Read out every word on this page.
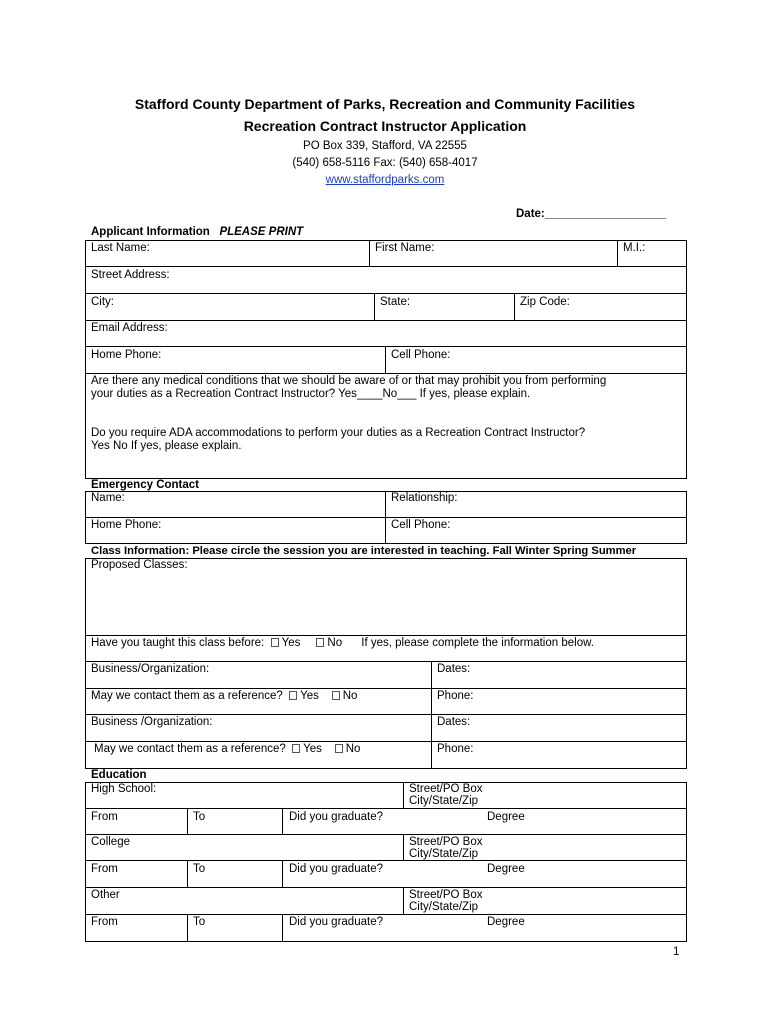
Stafford County Department of Parks, Recreation and Community Facilities
Recreation Contract Instructor Application
PO Box 339, Stafford, VA 22555
(540) 658-5116 Fax: (540) 658-4017
www.staffordparks.com
Date:___________________
Applicant Information PLEASE PRINT
Last Name:	First Name:	M.I.:
Street Address:
City:	State:	Zip Code:
Email Address:
Home Phone:	Cell Phone:
Are there any medical conditions that we should be aware of or that may prohibit you from performing
your duties as a Recreation Contract Instructor? Yes____No___ If yes, please explain.
Do you require ADA accommodations to perform your duties as a Recreation Contract Instructor?
Yes No If yes, please explain.
Emergency Contact
Name:	Relationship:
Home Phone:	Cell Phone:
Class Information: Please circle the session you are interested in teaching. Fall Winter Spring Summer
Proposed Classes:
Have you taught this class before: Yes No If yes, please complete the information below.
Business/Organization:	Dates:
May we contact them as a reference? Yes No	Phone:
Business /Organization:	Dates:
May we contact them as a reference? Yes No	Phone:
Education
High School:	Street/PO Box
City/State/Zip
From	To	Did you graduate?	Degree
College	Street/PO Box
City/State/Zip
From	To	Did you graduate?	Degree
Other	Street/PO Box
City/State/Zip
From	To	Did you graduate?	Degree
1
